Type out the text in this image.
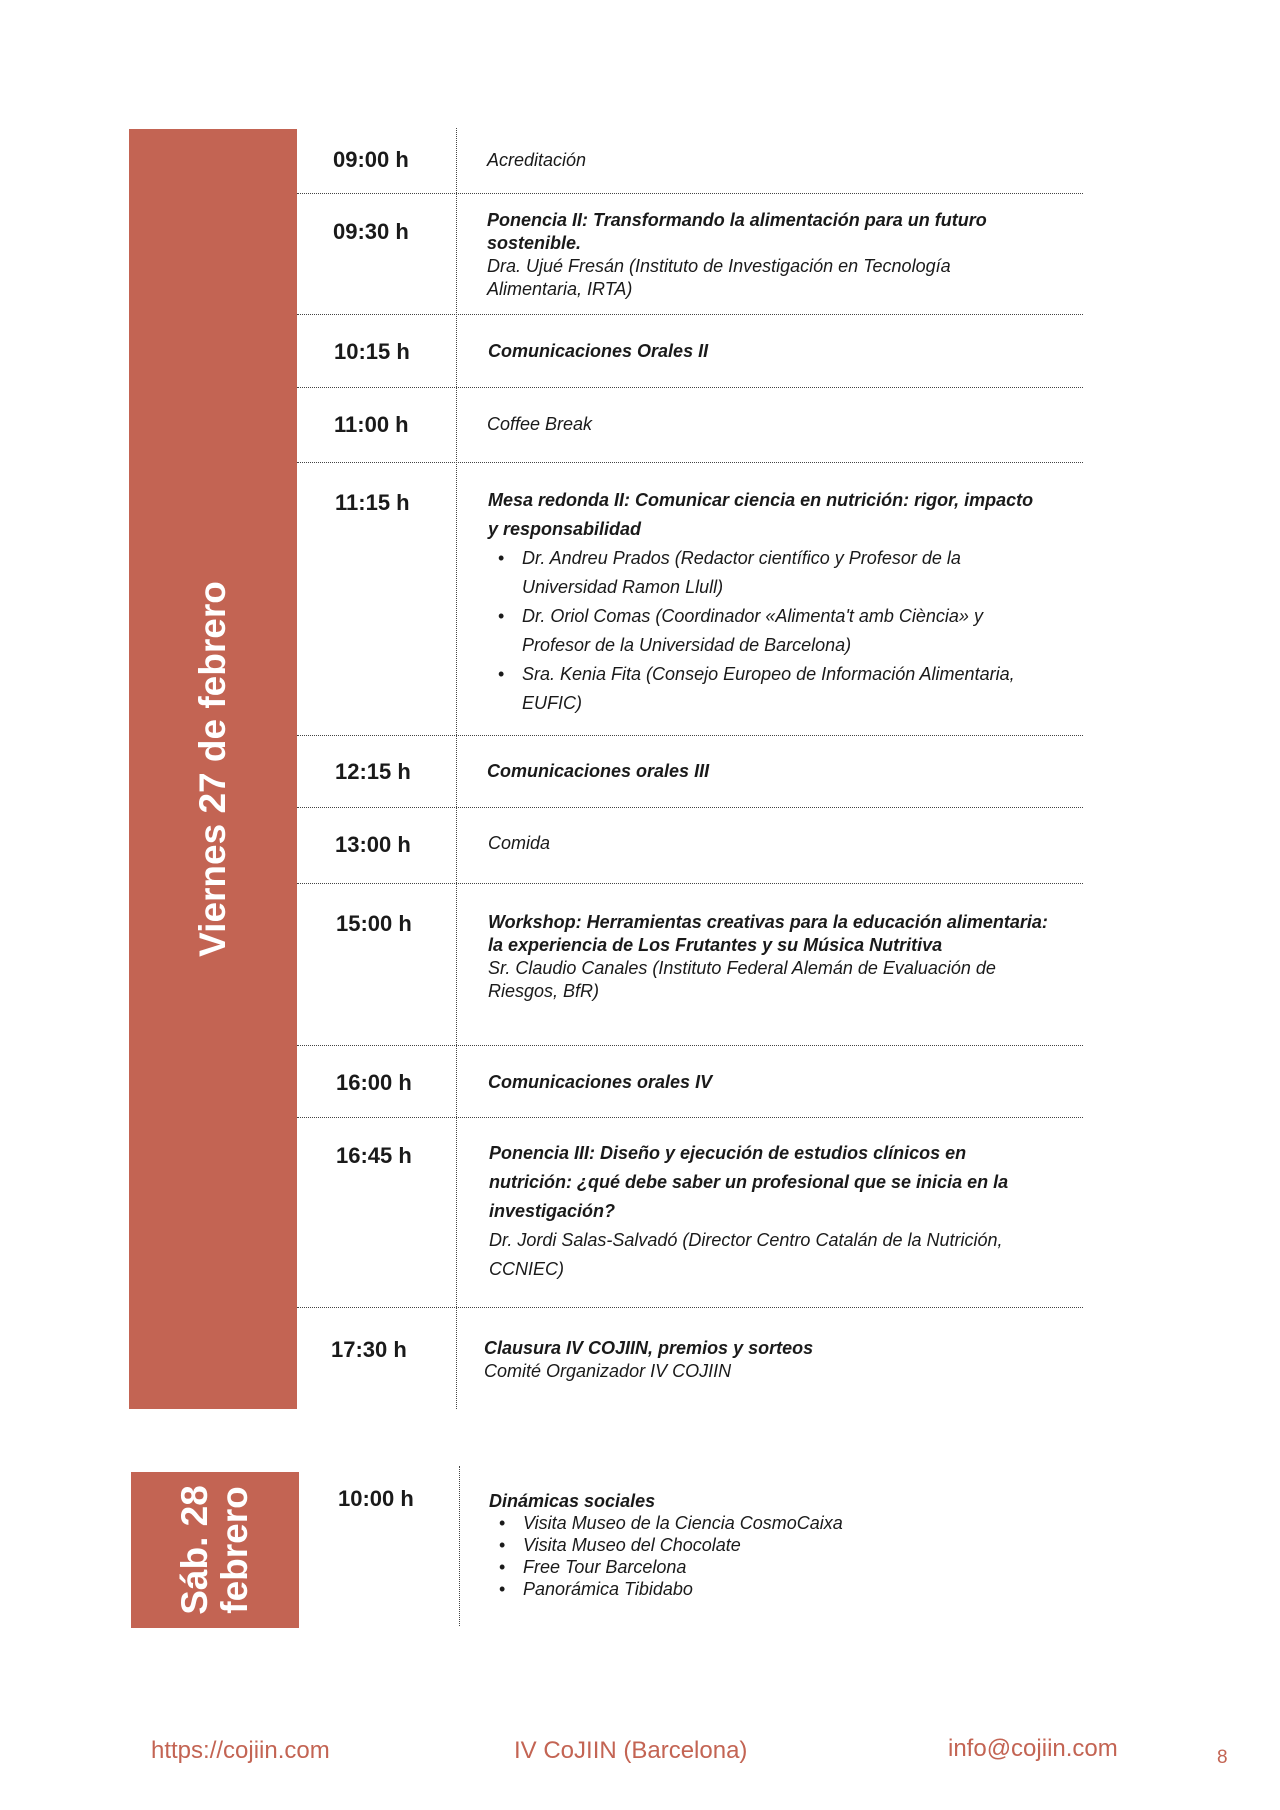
Viernes 27 de febrero
Sáb. 28 febrero
09:00 h	Acreditación
09:30 h	Ponencia II: Transformando la alimentación para un futuro sostenible.
Dra. Ujué Fresán (Instituto de Investigación en Tecnología Alimentaria, IRTA)
10:15 h	Comunicaciones Orales II
11:00 h	Coffee Break
11:15 h	Mesa redonda II: Comunicar ciencia en nutrición: rigor, impacto y responsabilidad
• Dr. Andreu Prados (Redactor científico y Profesor de la Universidad Ramon Llull)
• Dr. Oriol Comas (Coordinador «Alimenta't amb Ciència» y Profesor de la Universidad de Barcelona)
• Sra. Kenia Fita (Consejo Europeo de Información Alimentaria, EUFIC)
12:15 h	Comunicaciones orales III
13:00 h	Comida
15:00 h	Workshop: Herramientas creativas para la educación alimentaria: la experiencia de Los Frutantes y su Música Nutritiva
Sr. Claudio Canales (Instituto Federal Alemán de Evaluación de Riesgos, BfR)
16:00 h	Comunicaciones orales IV
16:45 h	Ponencia III: Diseño y ejecución de estudios clínicos en nutrición: ¿qué debe saber un profesional que se inicia en la investigación?
Dr. Jordi Salas-Salvadó (Director Centro Catalán de la Nutrición, CCNIEC)
17:30 h	Clausura IV COJIIN, premios y sorteos
Comité Organizador IV COJIIN
10:00 h	Dinámicas sociales
• Visita Museo de la Ciencia CosmoCaixa
• Visita Museo del Chocolate
• Free Tour Barcelona
• Panorámica Tibidabo
https://cojiin.com	IV CoJIIN (Barcelona)	info@cojiin.com	8
